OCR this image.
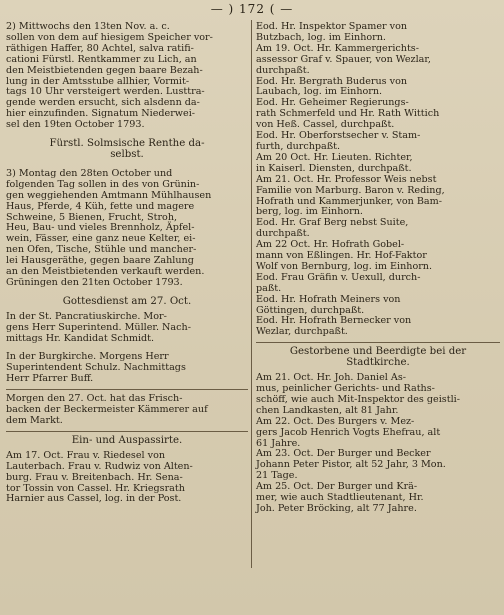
— ) 172 ( —
2) Mittwochs den 13ten Nov. a. c.
sollen von dem auf hiesigem Speicher vor-
räthigen Haffer, 80 Achtel, salva ratifi-
cationi Fürstl. Rentkammer zu Lich, an
den Meistbietenden gegen baare Bezah-
lung in der Amtsstube allhier, Vormit-
tags 10 Uhr versteigert werden. Lusttra-
gende werden ersucht, sich alsdenn da-
hier einzufinden. Signatum Niederwei-
sel den 19ten October 1793.
Fürstl. Solmsische Renthe da-
selbst.
3) Montag den 28ten October und
folgenden Tag sollen in des von Grünin-
gen weggiehenden Amtmann Mühlhausen
Haus, Pferde, 4 Küh, fette und magere
Schweine, 5 Bienen, Frucht, Stroh,
Heu, Bau- und vieles Brennholz, Äpfel-
wein, Fässer, eine ganz neue Kelter, ei-
nen Ofen, Tische, Stühle und mancher-
lei Hausgeräthe, gegen baare Zahlung
an den Meistbietenden verkauft werden.
Grüningen den 21ten October 1793.
Gottesdienst am 27. Oct.
In der St. Pancratiuskirche. Mor-
gens Herr Superintend. Müller. Nach-
mittags Hr. Kandidat Schmidt.
In der Burgkirche. Morgens Herr
Superintendent Schulz. Nachmittags
Herr Pfarrer Buff.
Morgen den 27. Oct. hat das Frisch-
backen der Beckermeister Kämmerer auf
dem Markt.
Ein- und Auspassirte.
Am 17. Oct. Frau v. Riedesel von
Lauterbach. Frau v. Rudwiz von Alten-
burg. Frau v. Breitenbach. Hr. Sena-
tor Tossin von Cassel. Hr. Kriegsrath
Harnier aus Cassel, log. in der Post.
Eod. Hr. Inspektor Spamer von
Butzbach, log. im Einhorn.
Am 19. Oct. Hr. Kammergerichts-
assessor Graf v. Spauer, von Wezlar,
durchpaßt.
Eod. Hr. Bergrath Buderus von
Laubach, log. im Einhorn.
Eod. Hr. Geheimer Regierungs-
rath Schmerfeld und Hr. Rath Wittich
von Heß. Cassel, durchpaßt.
Eod. Hr. Oberforstsecher v. Stam-
furth, durchpaßt.
Am 20 Oct. Hr. Lieuten. Richter,
in Kaiserl. Diensten, durchpaßt.
Am 21. Oct. Hr. Professor Weis nebst
Familie von Marburg. Baron v. Reding,
Hofrath und Kammerjunker, von Bam-
berg, log. im Einhorn.
Eod. Hr. Graf Berg nebst Suite,
durchpaßt.
Am 22 Oct. Hr. Hofrath Gobel-
mann von Eßlingen. Hr. Hof-Faktor
Wolf von Bernburg, log. im Einhorn.
Eod. Frau Gräfin v. Uexull, durch-
paßt.
Eod. Hr. Hofrath Meiners von
Göttingen, durchpaßt.
Eod. Hr. Hofrath Bernecker von
Wezlar, durchpaßt.
Gestorbene und Beerdigte bei der
Stadtkirche.
Am 21. Oct. Hr. Joh. Daniel As-
mus, peinlicher Gerichts- und Raths-
schöff, wie auch Mit-Inspektor des geistli-
chen Landkasten, alt 81 Jahr.
Am 22. Oct. Des Burgers v. Mez-
gers Jacob Henrich Vogts Ehefrau, alt
61 Jahre.
Am 23. Oct. Der Burger und Becker
Johann Peter Pistor, alt 52 Jahr, 3 Mon.
21 Tage.
Am 25. Oct. Der Burger und Krä-
mer, wie auch Stadtlieutenant, Hr.
Joh. Peter Bröcking, alt 77 Jahre.
